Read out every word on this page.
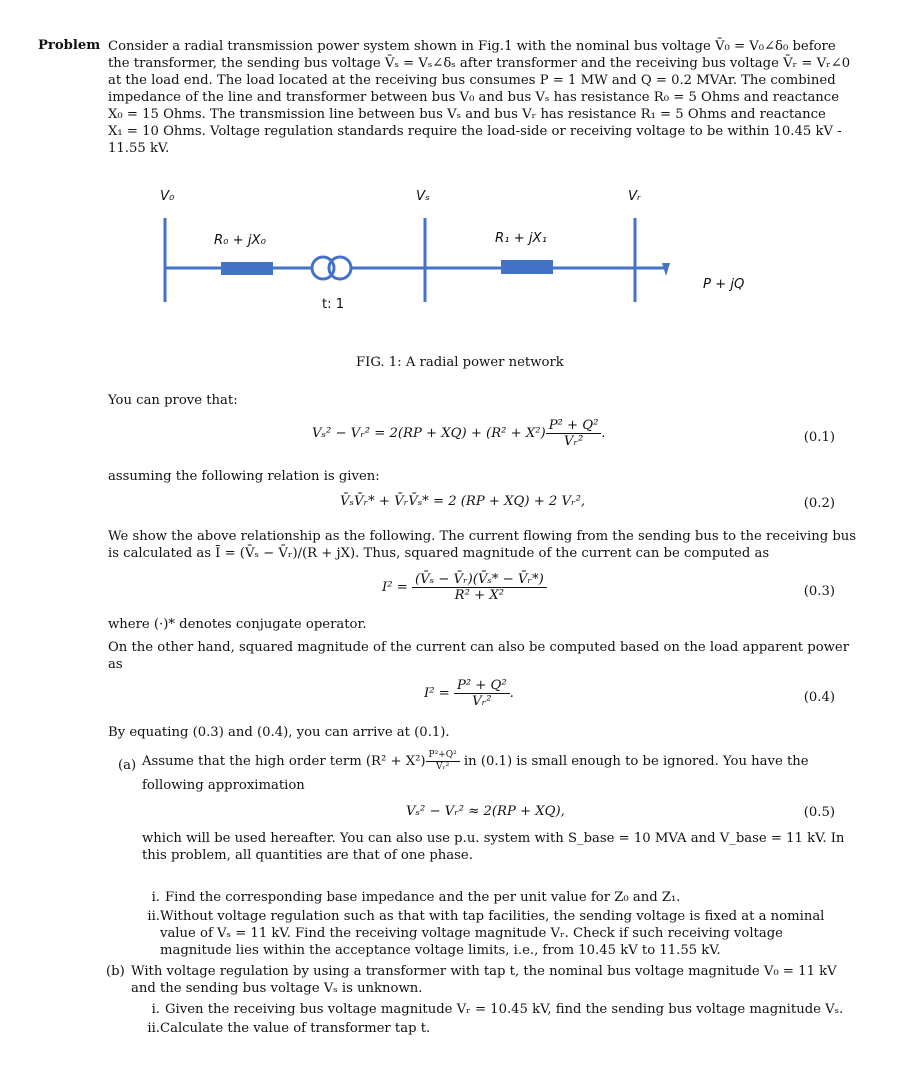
Problem Consider a radial transmission power system shown in Fig.1 with the nominal bus voltage V̄₀ = V₀∠δ₀ before
the transformer, the sending bus voltage V̄ₛ = Vₛ∠δₛ after transformer and the receiving bus voltage V̄ᵣ = Vᵣ∠0
at the load end. The load located at the receiving bus consumes P = 1 MW and Q = 0.2 MVAr. The combined
impedance of the line and transformer between bus V₀ and bus Vₛ has resistance R₀ = 5 Ohms and reactance
X₀ = 15 Ohms. The transmission line between bus Vₛ and bus Vᵣ has resistance R₁ = 5 Ohms and reactance
X₁ = 10 Ohms. Voltage regulation standards require the load-side or receiving voltage to be within 10.45 kV -
11.55 kV.
V₀	Vₛ	Vᵣ
R₀ + jX₀	R₁ + jX₁
t: 1
P + jQ
FIG. 1: A radial power network
You can prove that:
Vₛ² − Vᵣ² = $2(RP + XQ) + (R^2 + X^2) \frac{\text{P² + Q²}}{\text{Vᵣ²}}$ .	(0.1)
assuming the following relation is given:
V̄ₛV̄ᵣ* + V̄ᵣV̄ₛ* = 2 (RP + XQ) + 2 Vᵣ²,	(0.2)
We show the above relationship as the following. The current flowing from the sending bus to the receiving bus
is calculated as Ī = (V̄ₛ − V̄ᵣ)/(R + jX). Thus, squared magnitude of the current can be computed as
$I^2 = \frac{\text{(V̄ₛ − V̄ᵣ)(V̄ₛ* − V̄ᵣ*)}}{\text{R² + X²}}$	(0.3)
where (·)* denotes conjugate operator.
On the other hand, squared magnitude of the current can also be computed based on the load apparent power
as
$I^2 = \frac{\text{P² + Q²}}{\text{Vᵣ²}}$ .	(0.4)
By equating (0.3) and (0.4), you can arrive at (0.1).
(a) Assume that the high order term $(R^2 + X^2) \frac{\text{P²+Q²}}{\text{Vᵣ²}}$ in (0.1) is small enough to be ignored. You have the
following approximation
Vₛ² − Vᵣ² ≈ 2(RP + XQ),	(0.5)
which will be used hereafter. You can also use p.u. system with S_base = 10 MVA and V_base = 11 kV. In
this problem, all quantities are that of one phase.
i. Find the corresponding base impedance and the per unit value for Z₀ and Z₁.
ii. Without voltage regulation such as that with tap facilities, the sending voltage is fixed at a nominal
value of Vₛ = 11 kV. Find the receiving voltage magnitude Vᵣ. Check if such receiving voltage
magnitude lies within the acceptance voltage limits, i.e., from 10.45 kV to 11.55 kV.
(b) With voltage regulation by using a transformer with tap t, the nominal bus voltage magnitude V₀ = 11 kV
and the sending bus voltage Vₛ is unknown.
i. Given the receiving bus voltage magnitude Vᵣ = 10.45 kV, find the sending bus voltage magnitude Vₛ.
ii. Calculate the value of transformer tap t.
